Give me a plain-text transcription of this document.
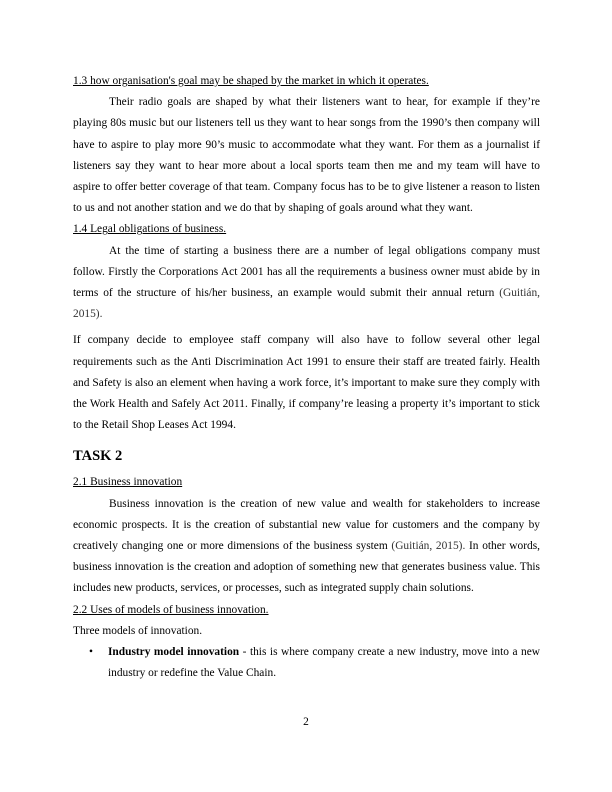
1.3 how organisation's goal may be shaped by the market in which it operates.

Their radio goals are shaped by what their listeners want to hear, for example if they’re playing 80s music but our listeners tell us they want to hear songs from the 1990’s then company will have to aspire to play more 90’s music to accommodate what they want. For them as a journalist if listeners say they want to hear more about a local sports team then me and my team will have to aspire to offer better coverage of that team. Company focus has to be to give listener a reason to listen to us and not another station and we do that by shaping of goals around what they want.

1.4 Legal obligations of business.

At the time of starting a business there are a number of legal obligations company must follow. Firstly the Corporations Act 2001 has all the requirements a business owner must abide by in terms of the structure of his/her business, an example would submit their annual return (Guitián, 2015).

If company decide to employee staff company will also have to follow several other legal requirements such as the Anti Discrimination Act 1991 to ensure their staff are treated fairly. Health and Safety is also an element when having a work force, it’s important to make sure they comply with the Work Health and Safely Act 2011. Finally, if company’re leasing a property it’s important to stick to the Retail Shop Leases Act 1994.

TASK 2
2.1 Business innovation

Business innovation is the creation of new value and wealth for stakeholders to increase economic prospects. It is the creation of substantial new value for customers and the company by creatively changing one or more dimensions of the business system (Guitián, 2015). In other words, business innovation is the creation and adoption of something new that generates business value. This includes new products, services, or processes, such as integrated supply chain solutions.

2.2 Uses of models of business innovation.

Three models of innovation.

• Industry model innovation - this is where company create a new industry, move into a new industry or redefine the Value Chain.
2
